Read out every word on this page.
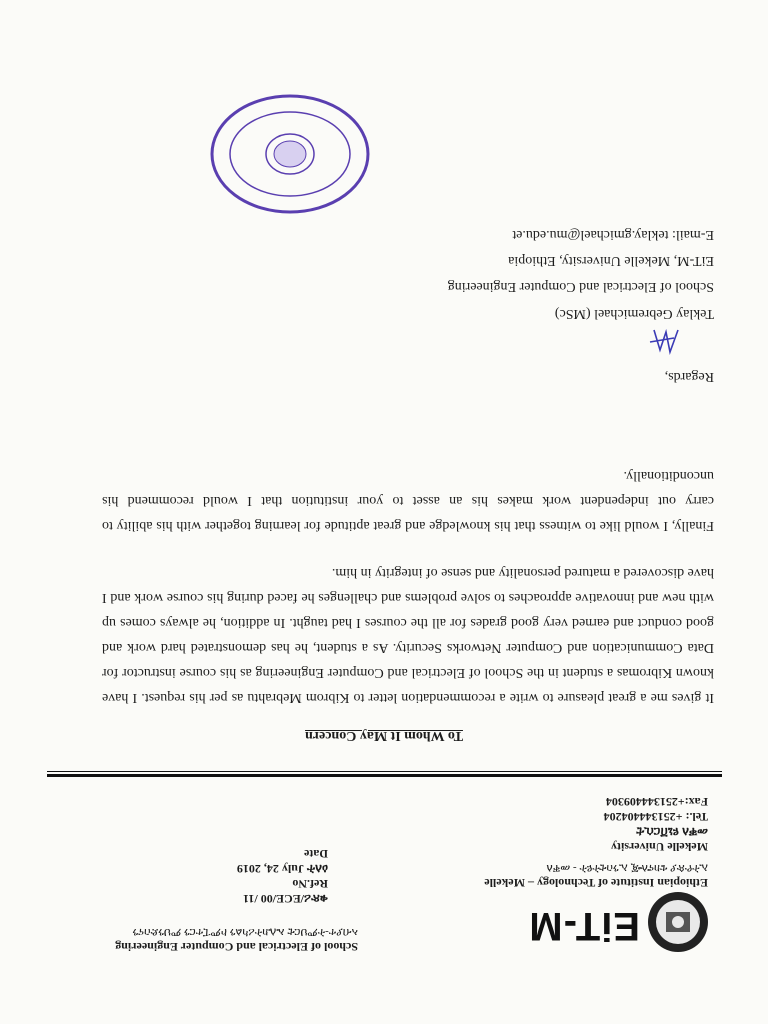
EiT-M
Ethiopian Institute of Technology – Mekelle
ኢትዮጵያ ቴክኖሎጂ ኢንስቲትዩት - መቐለ
Mekelle University
መቐለ ዩኒቨርሲቲ
Tel.: +251344404204
Fax:+251344409304
School of Electrical and Computer Engineering
ኣብያተ-ትምህርቲ ኤሌክትሪካልን ኮምፒተርን ምህንድስናን
ቁጽሪ/ECE/00 /11
Ref.No
ዕለት July 24, 2019
Date
To Whom It May Concern

It gives me a great pleasure to write a recommendation letter to Kibrom Mebrahtu as per his request. I have known Kibromas a student in the School of Electrical and Computer Engineering as his course instructor for Data Communication and Computer Networks Security. As a student, he has demonstrated hard work and good conduct and earned very good grades for all the courses I had taught. In addition, he always comes up with new and innovative approaches to solve problems and challenges he faced during his course work and I have discovered a matured personality and sense of integrity in him.

Finally, I would like to witness that his knowledge and great aptitude for learning together with his ability to carry out independent work makes his an asset to your institution that I would recommend his unconditionally.

Regards,
Teklay Gebremichael (MSc)
School of Electrical and Computer Engineering
EiT-M, Mekelle University, Ethiopia
E-mail: teklay.gmichael@mu.edu.et
